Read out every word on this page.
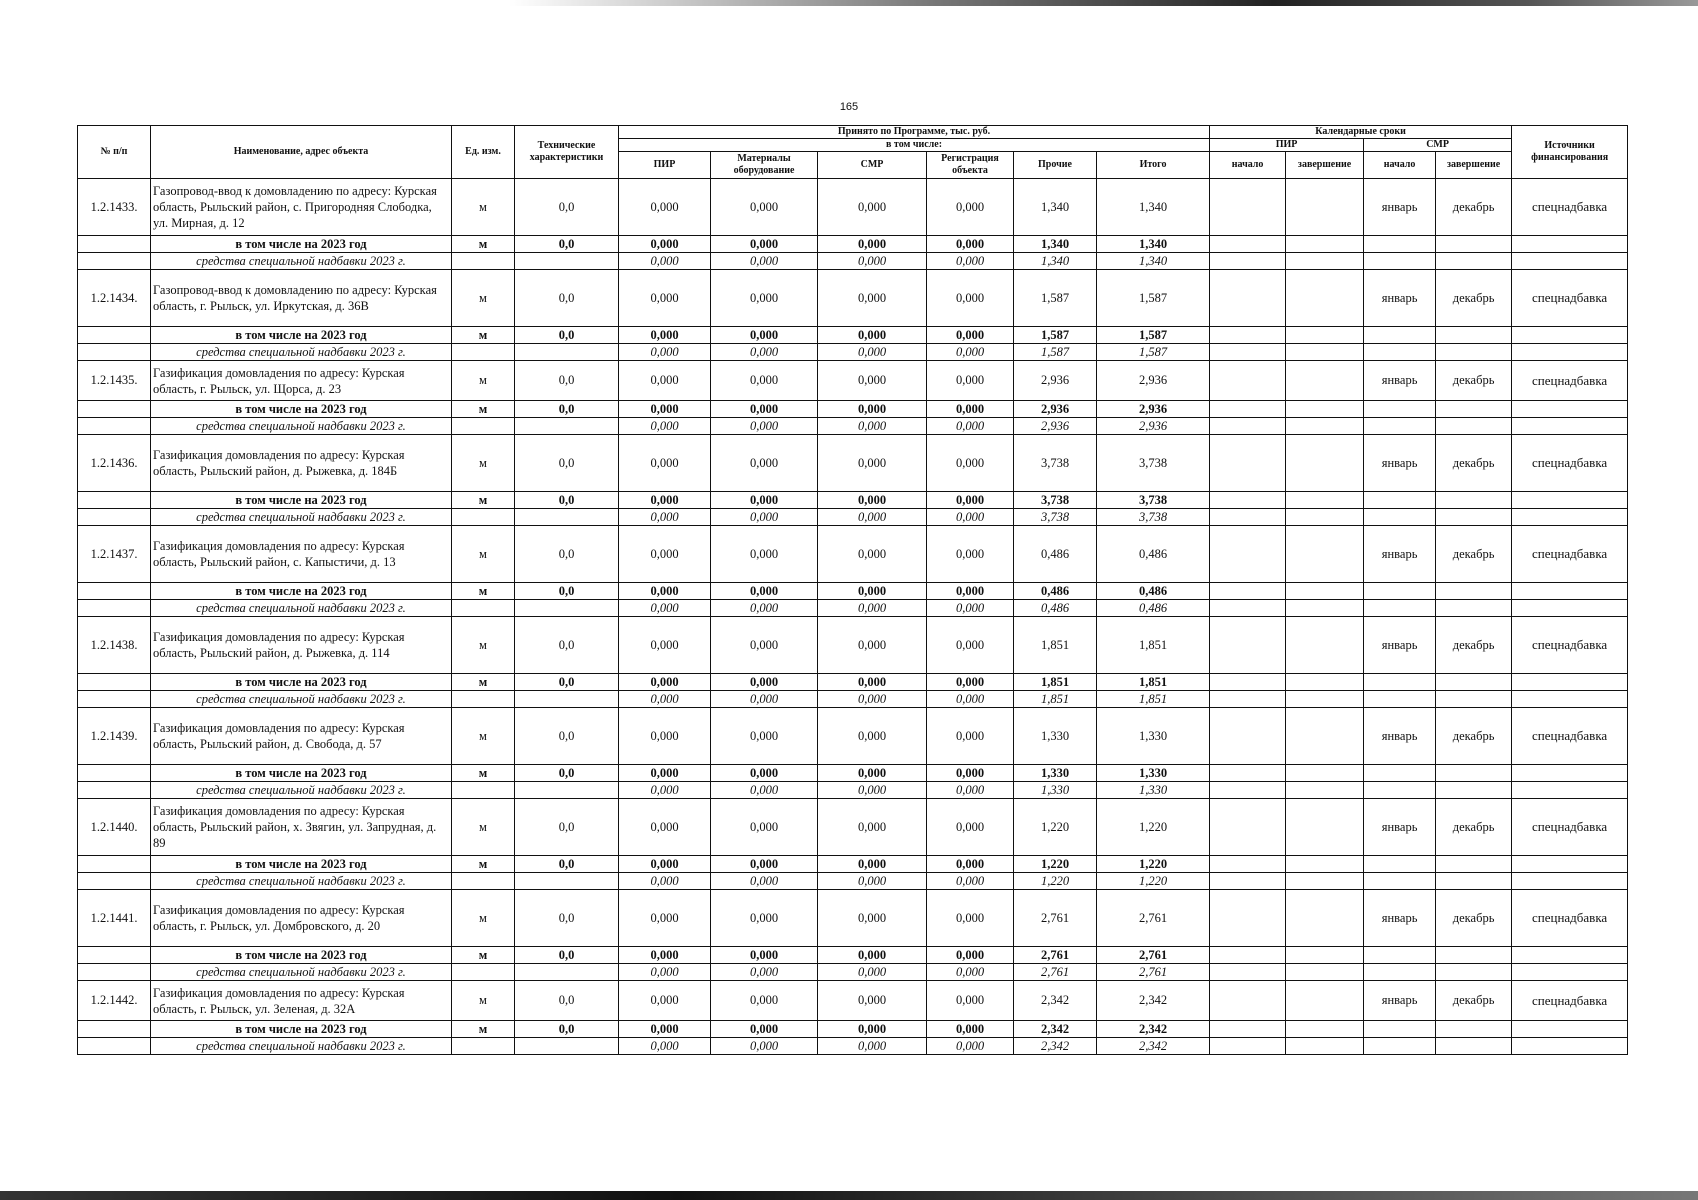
165
№ п/п	Наименование, адрес объекта	Ед. изм.	Технические характеристики	Принято по Программе, тыс. руб.						Календарные сроки				Источники финансирования
				в том числе:						ПИР		СМР		
				ПИР	Материалы оборудование	СМР	Регистрация объекта	Прочие	Итого	начало	завершение	начало	завершение	
1.2.1433.	Газопровод-ввод к домовладению по адресу: Курская область, Рыльский район, с. Пригородняя Слободка, ул. Мирная, д. 12	м	0,0	0,000	0,000	0,000	0,000	1,340	1,340			январь	декабрь	спецнадбавка
	в том числе на 2023 год	м	0,0	0,000	0,000	0,000	0,000	1,340	1,340					
	средства специальной надбавки 2023 г.			0,000	0,000	0,000	0,000	1,340	1,340					
1.2.1434.	Газопровод-ввод к домовладению по адресу: Курская область, г. Рыльск, ул. Иркутская, д. 36В	м	0,0	0,000	0,000	0,000	0,000	1,587	1,587			январь	декабрь	спецнадбавка
	в том числе на 2023 год	м	0,0	0,000	0,000	0,000	0,000	1,587	1,587					
	средства специальной надбавки 2023 г.			0,000	0,000	0,000	0,000	1,587	1,587					
1.2.1435.	Газификация домовладения по адресу: Курская область, г. Рыльск, ул. Щорса, д. 23	м	0,0	0,000	0,000	0,000	0,000	2,936	2,936			январь	декабрь	спецнадбавка
	в том числе на 2023 год	м	0,0	0,000	0,000	0,000	0,000	2,936	2,936					
	средства специальной надбавки 2023 г.			0,000	0,000	0,000	0,000	2,936	2,936					
1.2.1436.	Газификация домовладения по адресу: Курская область, Рыльский район, д. Рыжевка, д. 184Б	м	0,0	0,000	0,000	0,000	0,000	3,738	3,738			январь	декабрь	спецнадбавка
	в том числе на 2023 год	м	0,0	0,000	0,000	0,000	0,000	3,738	3,738					
	средства специальной надбавки 2023 г.			0,000	0,000	0,000	0,000	3,738	3,738					
1.2.1437.	Газификация домовладения по адресу: Курская область, Рыльский район, с. Капыстичи, д. 13	м	0,0	0,000	0,000	0,000	0,000	0,486	0,486			январь	декабрь	спецнадбавка
	в том числе на 2023 год	м	0,0	0,000	0,000	0,000	0,000	0,486	0,486					
	средства специальной надбавки 2023 г.			0,000	0,000	0,000	0,000	0,486	0,486					
1.2.1438.	Газификация домовладения по адресу: Курская область, Рыльский район, д. Рыжевка, д. 114	м	0,0	0,000	0,000	0,000	0,000	1,851	1,851			январь	декабрь	спецнадбавка
	в том числе на 2023 год	м	0,0	0,000	0,000	0,000	0,000	1,851	1,851					
	средства специальной надбавки 2023 г.			0,000	0,000	0,000	0,000	1,851	1,851					
1.2.1439.	Газификация домовладения по адресу: Курская область, Рыльский район, д. Свобода, д. 57	м	0,0	0,000	0,000	0,000	0,000	1,330	1,330			январь	декабрь	спецнадбавка
	в том числе на 2023 год	м	0,0	0,000	0,000	0,000	0,000	1,330	1,330					
	средства специальной надбавки 2023 г.			0,000	0,000	0,000	0,000	1,330	1,330					
1.2.1440.	Газификация домовладения по адресу: Курская область, Рыльский район, х. Звягин, ул. Запрудная, д. 89	м	0,0	0,000	0,000	0,000	0,000	1,220	1,220			январь	декабрь	спецнадбавка
	в том числе на 2023 год	м	0,0	0,000	0,000	0,000	0,000	1,220	1,220					
	средства специальной надбавки 2023 г.			0,000	0,000	0,000	0,000	1,220	1,220					
1.2.1441.	Газификация домовладения по адресу: Курская область, г. Рыльск, ул. Домбровского, д. 20	м	0,0	0,000	0,000	0,000	0,000	2,761	2,761			январь	декабрь	спецнадбавка
	в том числе на 2023 год	м	0,0	0,000	0,000	0,000	0,000	2,761	2,761					
	средства специальной надбавки 2023 г.			0,000	0,000	0,000	0,000	2,761	2,761					
1.2.1442.	Газификация домовладения по адресу: Курская область, г. Рыльск, ул. Зеленая, д. 32А	м	0,0	0,000	0,000	0,000	0,000	2,342	2,342			январь	декабрь	спецнадбавка
	в том числе на 2023 год	м	0,0	0,000	0,000	0,000	0,000	2,342	2,342					
	средства специальной надбавки 2023 г.			0,000	0,000	0,000	0,000	2,342	2,342					
